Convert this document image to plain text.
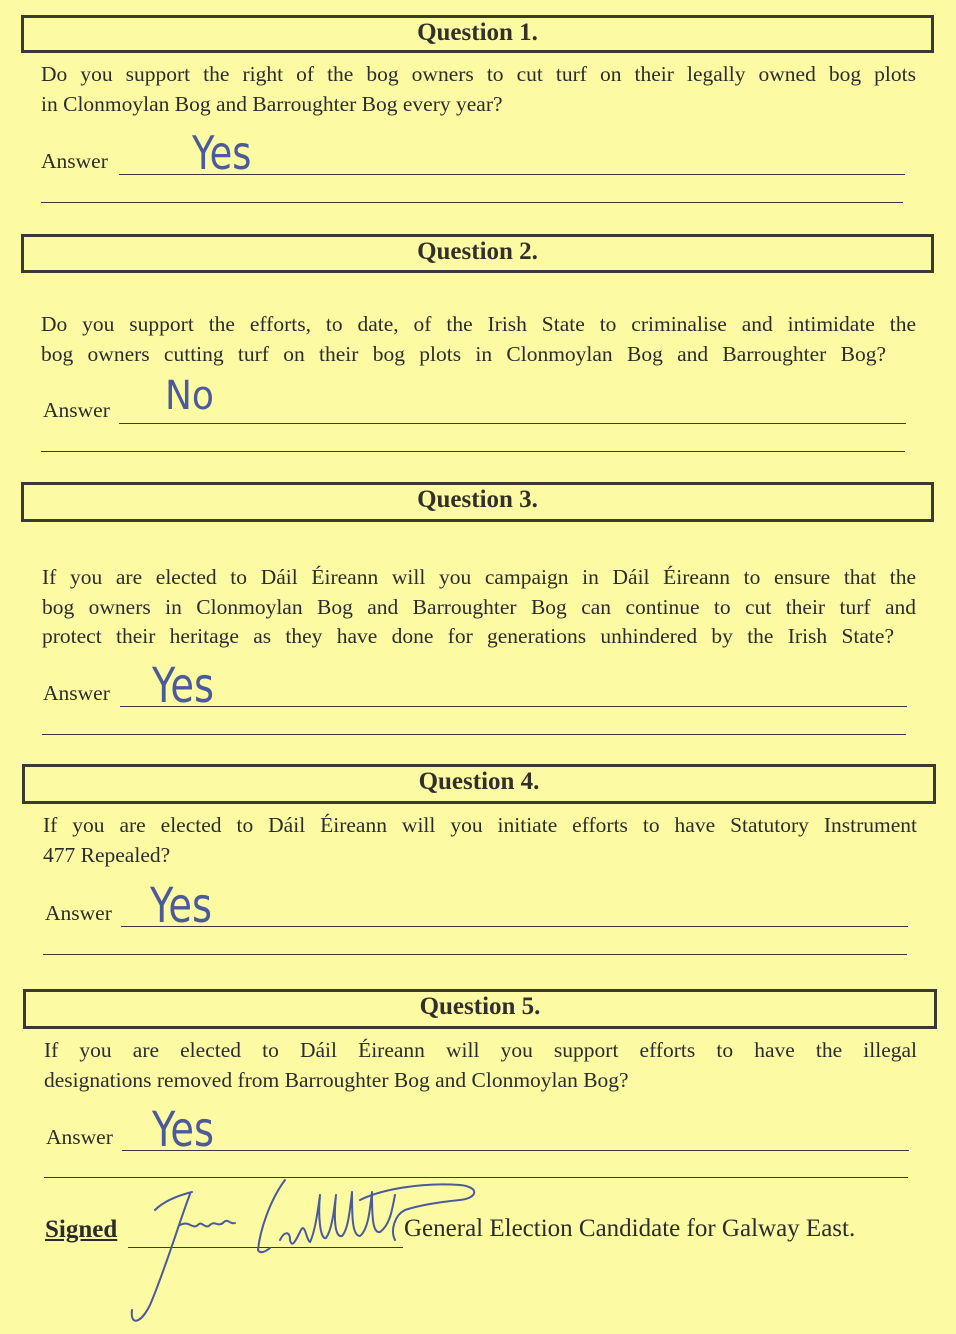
Question 1.
Do you support the right of the bog owners to cut turf on their legally owned bog plots
in Clonmoylan Bog and Barroughter Bog every year?
Answer Yes
Question 2.
Do you support the efforts, to date, of the Irish State to criminalise and intimidate the
bog owners cutting turf on their bog plots in Clonmoylan Bog and Barroughter Bog?
Answer No
Question 3.
If you are elected to Dáil Éireann will you campaign in Dáil Éireann to ensure that the
bog owners in Clonmoylan Bog and Barroughter Bog can continue to cut their turf and
protect their heritage as they have done for generations unhindered by the Irish State?
Answer Yes
Question 4.
If you are elected to Dáil Éireann will you initiate efforts to have Statutory Instrument
477 Repealed?
Answer Yes
Question 5.
If you are elected to Dáil Éireann will you support efforts to have the illegal
designations removed from Barroughter Bog and Clonmoylan Bog?
Answer Yes
Signed	General Election Candidate for Galway East.
